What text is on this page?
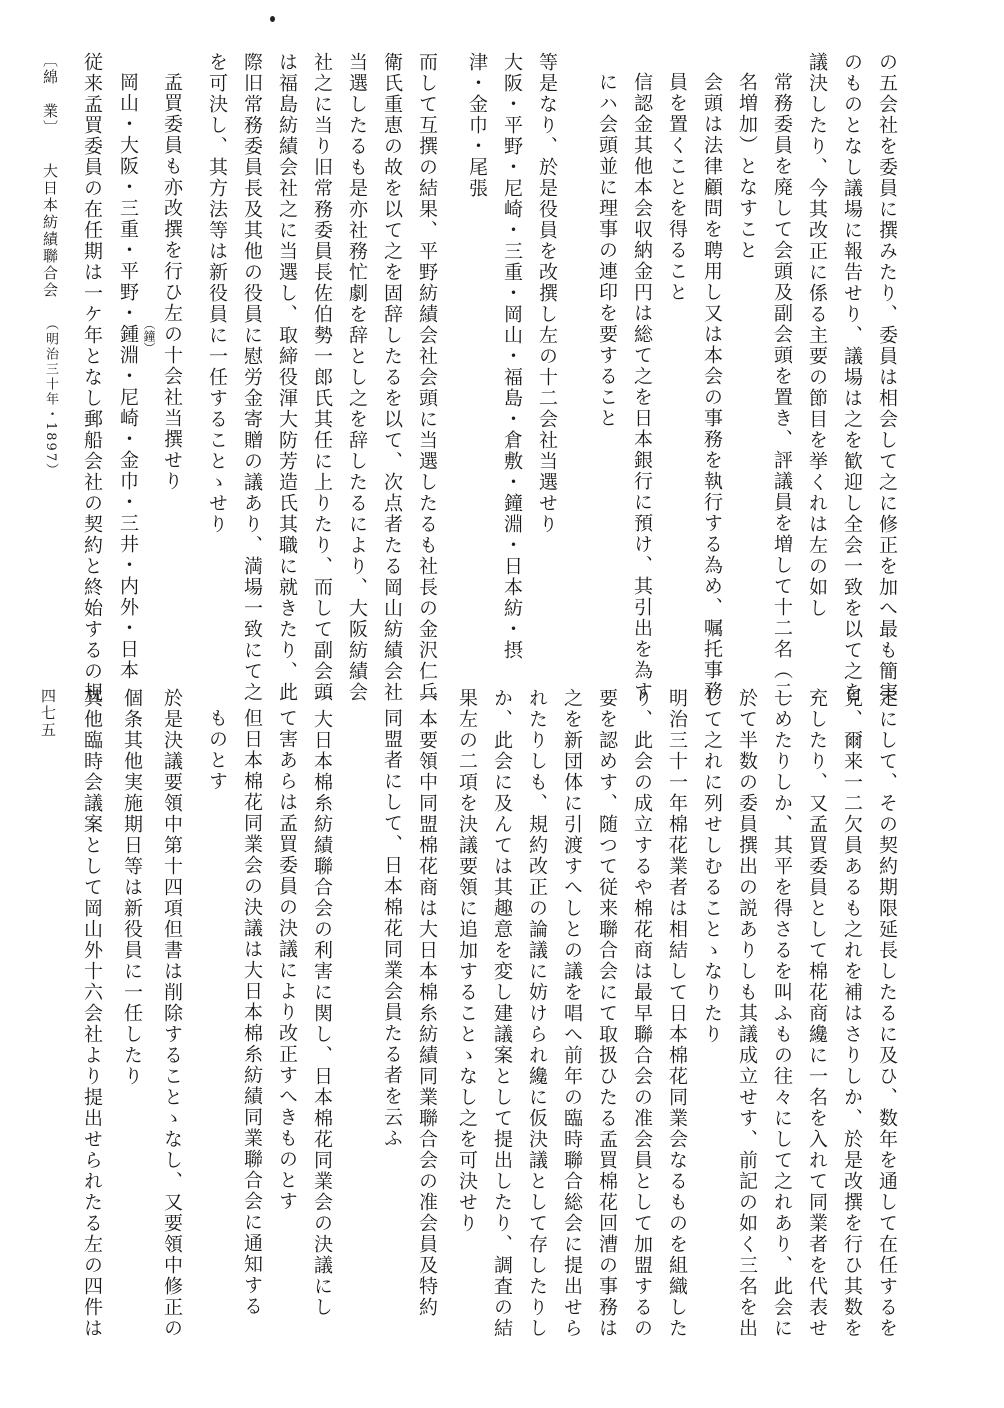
の五会社を委員に撰みたり、委員は相会して之に修正を加へ最も簡実

のものとなし議場に報告せり、議場は之を歓迎し全会一致を以て之を

議決したり、今其改正に係る主要の節目を挙くれは左の如し

常務委員を廃して会頭及副会頭を置き、評議員を増して十二名（二

名増加）となすこと

会頭は法律顧問を聘用し又は本会の事務を執行する為め、嘱托事務

員を置くことを得ること

信認金其他本会収納金円は総て之を日本銀行に預け、其引出を為す

にハ会頭並に理事の連印を要すること

等是なり、於是役員を改撰し左の十二会社当選せり

大阪・平野・尼崎・三重・岡山・福島・倉敷・鐘淵・日本紡・摂

津・金巾・尾張

而して互撰の結果、平野紡績会社会頭に当選したるも社長の金沢仁兵

衛氏重恵の故を以て之を固辞したるを以て、次点者たる岡山紡績会社

当選したるも是亦社務忙劇を辞とし之を辞したるにより、大阪紡績会

社之に当り旧常務委員長佐伯勢一郎氏其任に上りたり、而して副会頭

は福島紡績会社之に当選し、取締役渾大防芳造氏其職に就きたり、此

際旧常務委員長及其他の役員に慰労金寄贈の議あり、満場一致にて之

を可決し、其方法等は新役員に一任することゝせり

孟買委員も亦改撰を行ひ左の十会社当撰せり

（鐘）

岡山・大阪・三重・平野・鍾淵・尼崎・金巾・三井・内外・日本

従来孟買委員の在任期は一ケ年となし郵船会社の契約と終始するの規

〔綿　業〕大日本紡績聯合会（明治三十年・1897）

定にして、その契約期限延長したるに及ひ、数年を通して在任するを

見、爾来一二欠員あるも之れを補はさりしか、於是改撰を行ひ其数を

充したり、又孟買委員として棉花商纔に一名を入れて同業者を代表せ

しめたりしか、其平を得さるを叫ふもの往々にして之れあり、此会に

於て半数の委員撰出の説ありしも其議成立せす、前記の如く三名を出

して之れに列せしむることゝなりたり

明治三十一年棉花業者は相結して日本棉花同業会なるものを組織した

り、此会の成立するや棉花商は最早聯合会の准会員として加盟するの

要を認めす、随つて従来聯合会にて取扱ひたる孟買棉花回漕の事務は

之を新団体に引渡すへしとの議を唱へ前年の臨時聯合総会に提出せら

れたりしも、規約改正の論議に妨けられ纔に仮決議として存したりし

か、此会に及んては其趣意を変し建議案として提出したり、調査の結

果左の二項を決議要領に追加することゝなし之を可決せり

一本要領中同盟棉花商は大日本棉糸紡績同業聯合会の准会員及特約

同盟者にして、日本棉花同業会員たる者を云ふ

一大日本棉糸紡績聯合会の利害に関し、日本棉花同業会の決議にし

て害あらは孟買委員の決議により改正すへきものとす

但日本棉花同業会の決議は大日本棉糸紡績同業聯合会に通知する

ものとす

於是決議要領中第十四項但書は削除することゝなし、又要領中修正の

個条其他実施期日等は新役員に一任したり

其他臨時会議案として岡山外十六会社より提出せられたる左の四件は

四七五
